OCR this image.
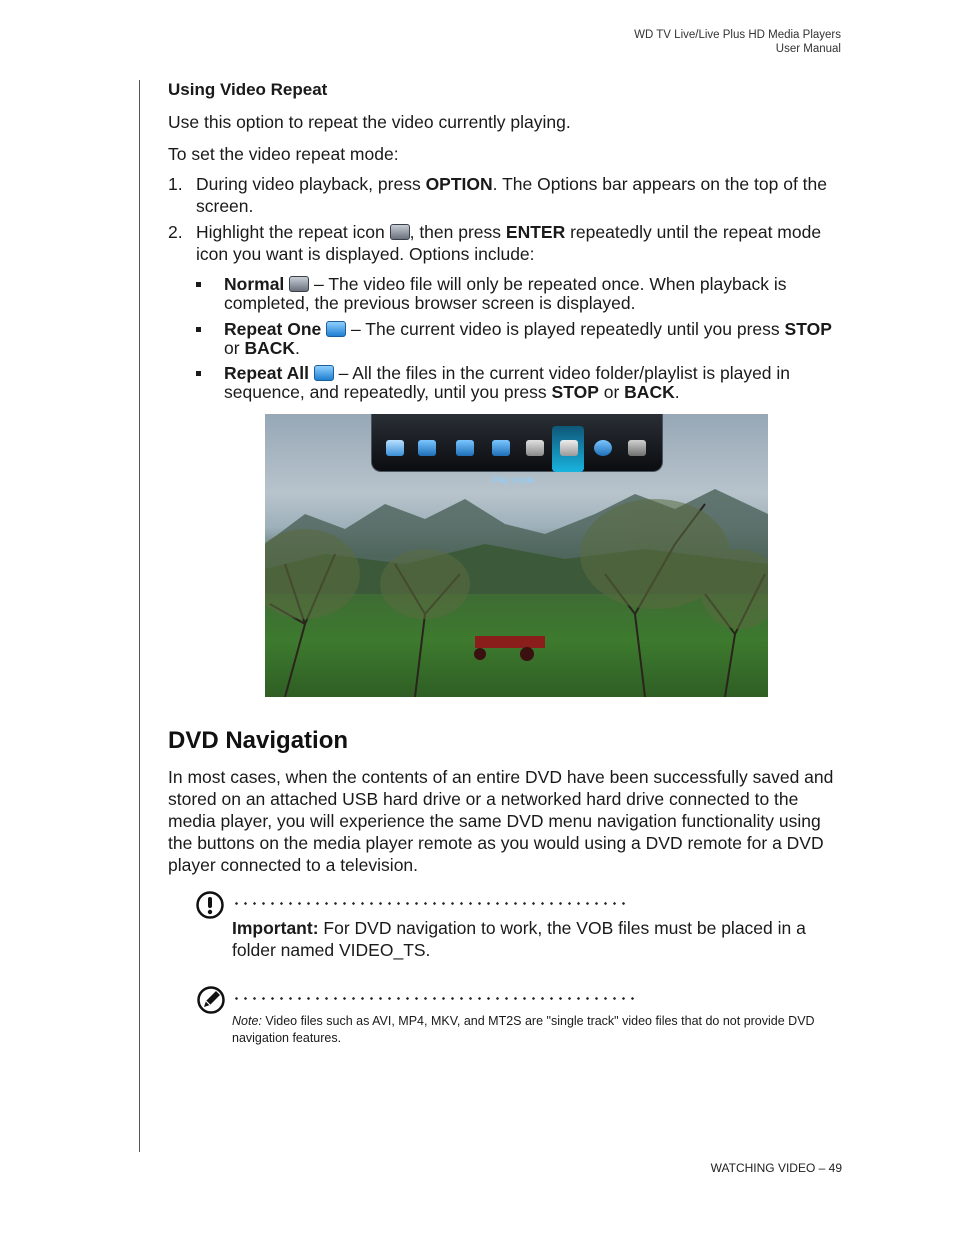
WD TV Live/Live Plus HD Media Players
User Manual
Using Video Repeat
Use this option to repeat the video currently playing.
To set the video repeat mode:
1. During video playback, press OPTION. The Options bar appears on the top of the screen.
2. Highlight the repeat icon , then press ENTER repeatedly until the repeat mode icon you want is displayed. Options include:
Normal  – The video file will only be repeated once. When playback is completed, the previous browser screen is displayed.
Repeat One  – The current video is played repeatedly until you press STOP or BACK.
Repeat All  – All the files in the current video folder/playlist is played in sequence, and repeatedly, until you press STOP or BACK.
Play mode
DVD Navigation
In most cases, when the contents of an entire DVD have been successfully saved and stored on an attached USB hard drive or a networked hard drive connected to the media player, you will experience the same DVD menu navigation functionality using the buttons on the media player remote as you would using a DVD remote for a DVD player connected to a television.
Important: For DVD navigation to work, the VOB files must be placed in a folder named VIDEO_TS.
Note: Video files such as AVI, MP4, MKV, and MT2S are "single track" video files that do not provide DVD navigation features.
WATCHING VIDEO – 49
